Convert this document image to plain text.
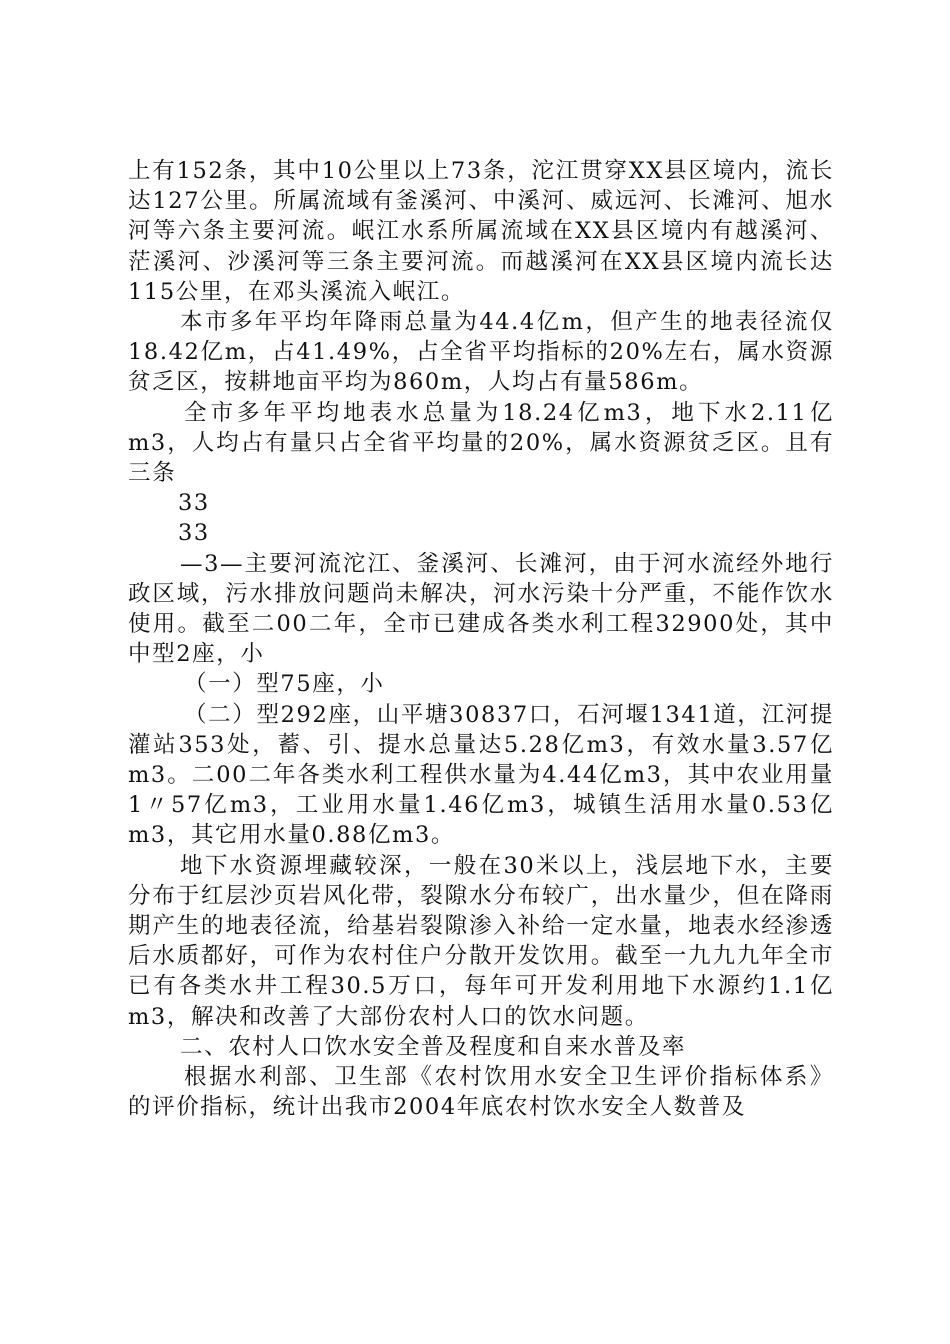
上有152条，其中10公里以上73条，沱江贯穿XX县区境内，流长达127公里。所属流域有釜溪河、中溪河、威远河、长滩河、旭水河等六条主要河流。岷江水系所属流域在XX县区境内有越溪河、茫溪河、沙溪河等三条主要河流。而越溪河在XX县区境内流长达115公里，在邓头溪流入岷江。

本市多年平均年降雨总量为44.4亿m，但产生的地表径流仅18.42亿m，占41.49%，占全省平均指标的20%左右，属水资源贫乏区，按耕地亩平均为860m，人均占有量586m。

全市多年平均地表水总量为18.24亿m3，地下水2.11亿m3，人均占有量只占全省平均量的20%，属水资源贫乏区。且有三条

33

33

—3—主要河流沱江、釜溪河、长滩河，由于河水流经外地行政区域，污水排放问题尚未解决，河水污染十分严重，不能作饮水使用。截至二00二年，全市已建成各类水利工程32900处，其中中型2座，小

（一）型75座，小

（二）型292座，山平塘30837口，石河堰1341道，江河提灌站353处，蓄、引、提水总量达5.28亿m3，有效水量3.57亿m3。二00二年各类水利工程供水量为4.44亿m3，其中农业用量1〃57亿m3，工业用水量1.46亿m3，城镇生活用水量0.53亿m3，其它用水量0.88亿m3。

地下水资源埋藏较深，一般在30米以上，浅层地下水，主要分布于红层沙页岩风化带，裂隙水分布较广，出水量少，但在降雨期产生的地表径流，给基岩裂隙渗入补给一定水量，地表水经渗透后水质都好，可作为农村住户分散开发饮用。截至一九九九年全市已有各类水井工程30.5万口，每年可开发利用地下水源约1.1亿m3，解决和改善了大部份农村人口的饮水问题。

二、农村人口饮水安全普及程度和自来水普及率

根据水利部、卫生部《农村饮用水安全卫生评价指标体系》的评价指标，统计出我市2004年底农村饮水安全人数普及
